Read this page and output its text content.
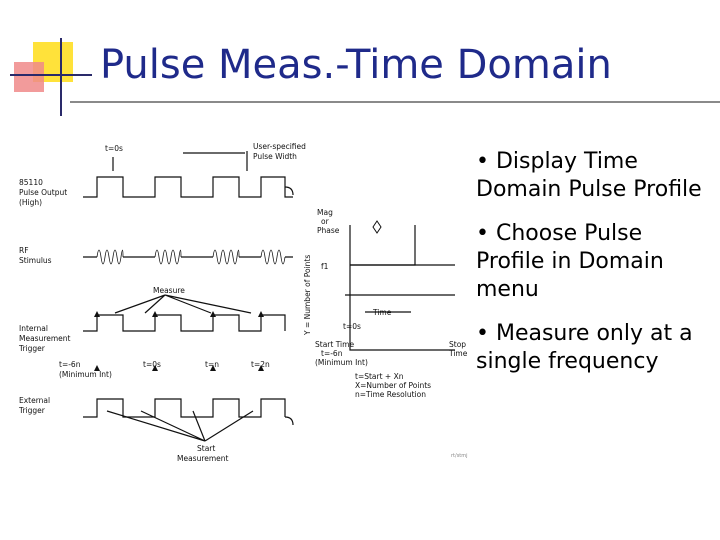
Pulse Meas.-Time Domain
t=0s	User-specified
Pulse Width
85110
Pulse Output
(High)
RF
Stimulus
Measure
Internal
Measurement
Trigger
t=-6n
(Minimum Int)
t=0s	t=n	t=2n
External
Trigger
Start
Measurement
Mag
or
Phase
f1
Y = Number of Points	Time
t=0s
Start Time
t=-6n
(Minimum Int)
Stop
Time
t=Start + Xn
X=Number of Points
n=Time Resolution
rt/stmj
• Display Time Domain Pulse Profile
• Choose Pulse Profile in Domain menu
• Measure only at a single frequency
